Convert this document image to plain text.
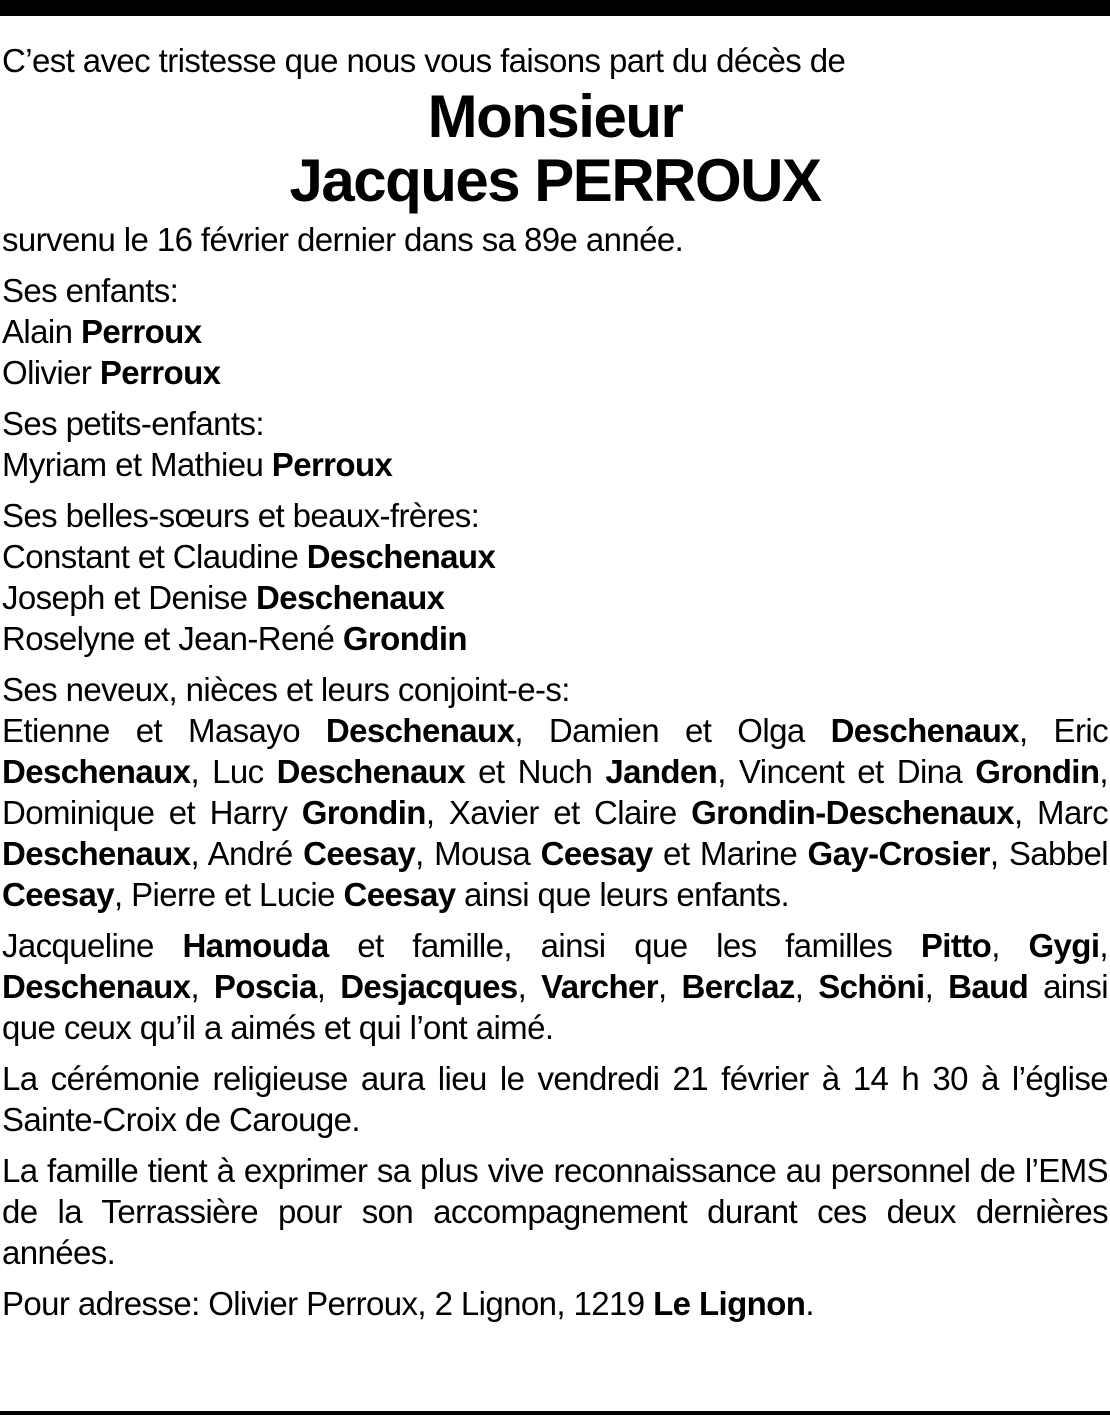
C’est avec tristesse que nous vous faisons part du décès de

Monsieur
Jacques PERROUX

survenu le 16 février dernier dans sa 89e année.

Ses enfants:

Alain Perroux

Olivier Perroux

Ses petits-enfants:

Myriam et Mathieu Perroux

Ses belles-sœurs et beaux-frères:

Constant et Claudine Deschenaux

Joseph et Denise Deschenaux

Roselyne et Jean-René Grondin

Ses neveux, nièces et leurs conjoint-e-s:

Etienne et Masayo Deschenaux, Damien et Olga Deschenaux, Eric Deschenaux, Luc Deschenaux et Nuch Janden, Vincent et Dina Grondin, Dominique et Harry Grondin, Xavier et Claire Grondin-Deschenaux, Marc Deschenaux, André Ceesay, Mousa Ceesay et Marine Gay-Crosier, Sabbel Ceesay, Pierre et Lucie Ceesay ainsi que leurs enfants.

Jacqueline Hamouda et famille, ainsi que les familles Pitto, Gygi, Deschenaux, Poscia, Desjacques, Varcher, Berclaz, Schöni, Baud ainsi que ceux qu’il a aimés et qui l’ont aimé.

La cérémonie religieuse aura lieu le vendredi 21 février à 14 h 30 à l’église Sainte-Croix de Carouge.

La famille tient à exprimer sa plus vive reconnaissance au personnel de l’EMS de la Terrassière pour son accompagnement durant ces deux dernières années.

Pour adresse: Olivier Perroux, 2 Lignon, 1219 Le Lignon.
